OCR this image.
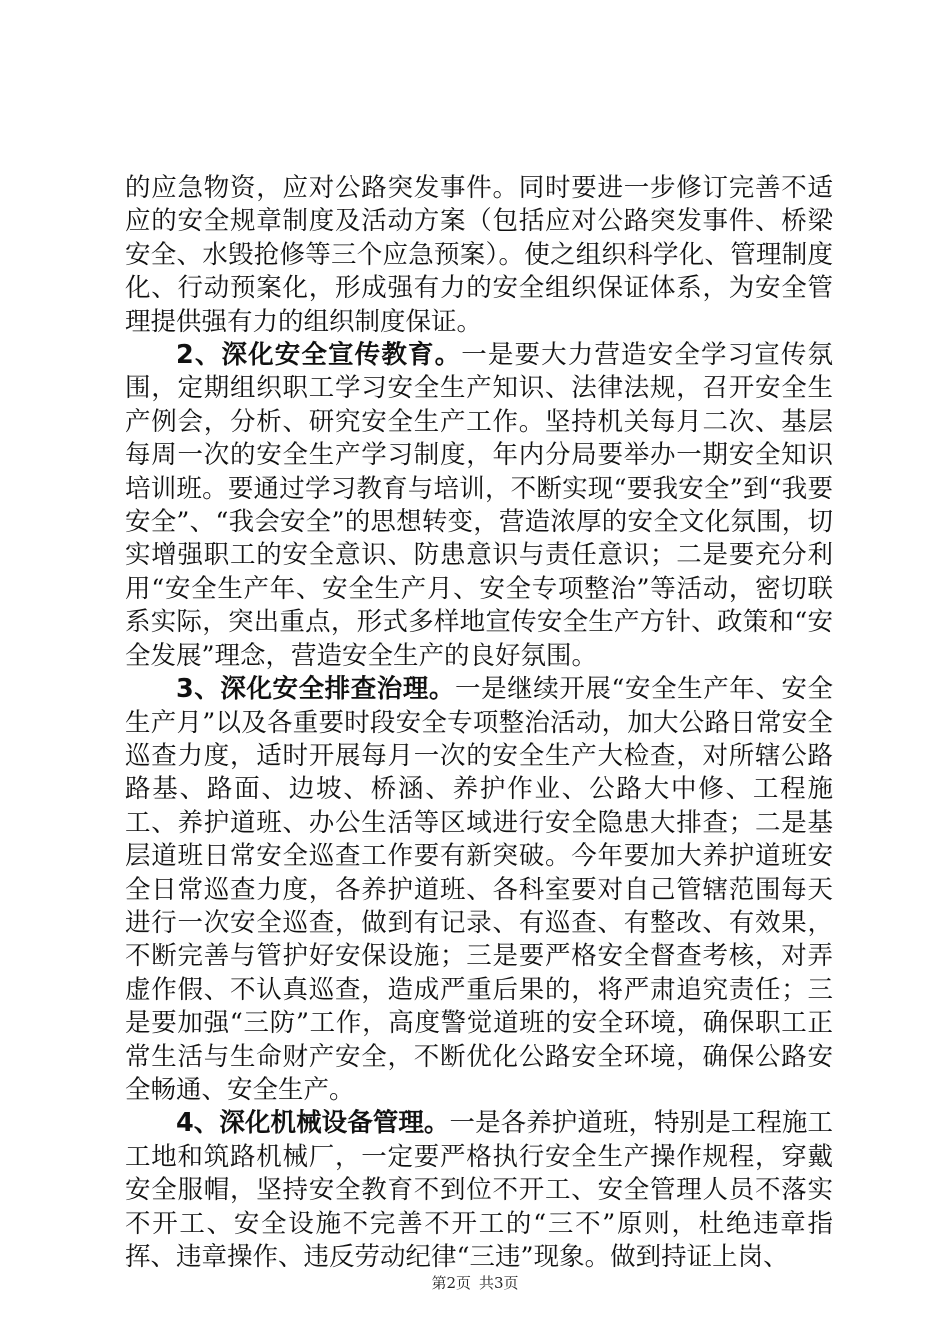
的应急物资，应对公路突发事件。同时要进一步修订完善不适应的安全规章制度及活动方案（包括应对公路突发事件、桥梁安全、水毁抢修等三个应急预案）。使之组织科学化、管理制度化、行动预案化，形成强有力的安全组织保证体系，为安全管理提供强有力的组织制度保证。

2、深化安全宣传教育。一是要大力营造安全学习宣传氛围，定期组织职工学习安全生产知识、法律法规，召开安全生产例会，分析、研究安全生产工作。坚持机关每月二次、基层每周一次的安全生产学习制度，年内分局要举办一期安全知识培训班。要通过学习教育与培训，不断实现“要我安全”到“我要安全”、“我会安全”的思想转变，营造浓厚的安全文化氛围，切实增强职工的安全意识、防患意识与责任意识；二是要充分利用“安全生产年、安全生产月、安全专项整治”等活动，密切联系实际，突出重点，形式多样地宣传安全生产方针、政策和“安全发展”理念，营造安全生产的良好氛围。

3、深化安全排查治理。一是继续开展“安全生产年、安全生产月”以及各重要时段安全专项整治活动，加大公路日常安全巡查力度，适时开展每月一次的安全生产大检查，对所辖公路路基、路面、边坡、桥涵、养护作业、公路大中修、工程施工、养护道班、办公生活等区域进行安全隐患大排查；二是基层道班日常安全巡查工作要有新突破。今年要加大养护道班安全日常巡查力度，各养护道班、各科室要对自己管辖范围每天进行一次安全巡查，做到有记录、有巡查、有整改、有效果，不断完善与管护好安保设施；三是要严格安全督查考核，对弄虚作假、不认真巡查，造成严重后果的，将严肃追究责任；三是要加强“三防”工作，高度警觉道班的安全环境，确保职工正常生活与生命财产安全，不断优化公路安全环境，确保公路安全畅通、安全生产。

4、深化机械设备管理。一是各养护道班，特别是工程施工工地和筑路机械厂，一定要严格执行安全生产操作规程，穿戴安全服帽，坚持安全教育不到位不开工、安全管理人员不落实不开工、安全设施不完善不开工的“三不”原则，杜绝违章指挥、违章操作、违反劳动纪律“三违”现象。做到持证上岗、

第2页 共3页
